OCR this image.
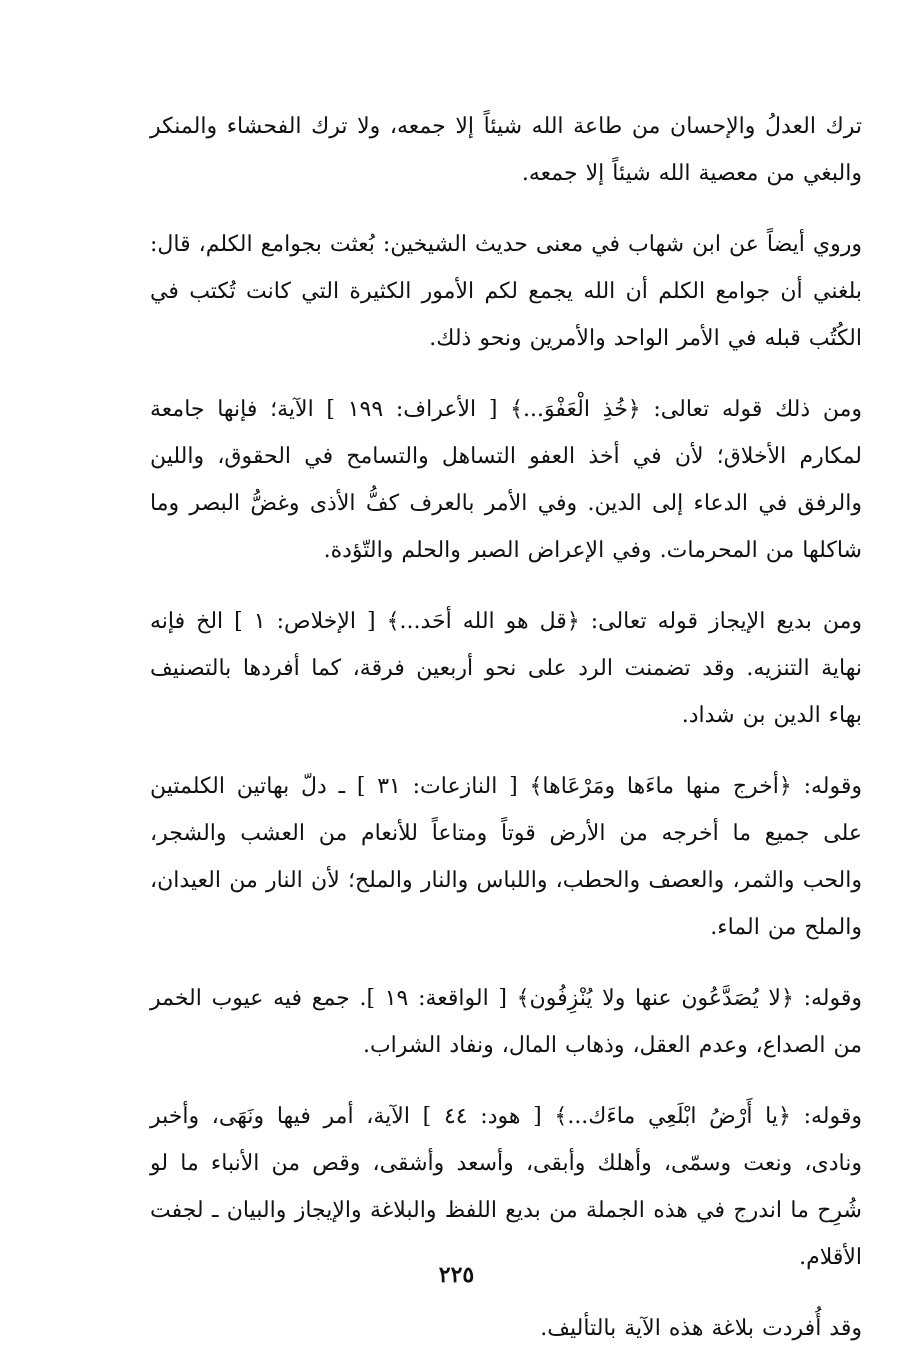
ترك العدلُ والإحسان من طاعة الله شيئاً إلا جمعه، ولا ترك الفحشاء والمنكر والبغي من معصية الله شيئاً إلا جمعه.

وروي أيضاً عن ابن شهاب في معنى حديث الشيخين: بُعثت بجوامع الكلم، قال: بلغني أن جوامع الكلم أن الله يجمع لكم الأمور الكثيرة التي كانت تُكتب في الكُتُب قبله في الأمر الواحد والأمرين ونحو ذلك.

ومن ذلك قوله تعالى: ﴿خُذِ الْعَفْوَ...﴾ [ الأعراف: ١٩٩ ] الآية؛ فإنها جامعة لمكارم الأخلاق؛ لأن في أخذ العفو التساهل والتسامح في الحقوق، واللين والرفق في الدعاء إلى الدين. وفي الأمر بالعرف كفُّ الأذى وغضُّ البصر وما شاكلها من المحرمات. وفي الإعراض الصبر والحلم والتّؤدة.

ومن بديع الإيجاز قوله تعالى: ﴿قل هو الله أحَد...﴾ [ الإخلاص: ١ ] الخ فإنه نهاية التنزيه. وقد تضمنت الرد على نحو أربعين فرقة، كما أفردها بالتصنيف بهاء الدين بن شداد.

وقوله: ﴿أخرج منها ماءَها ومَرْعَاها﴾ [ النازعات: ٣١ ] ـ دلّ بهاتين الكلمتين على جميع ما أخرجه من الأرض قوتاً ومتاعاً للأنعام من العشب والشجر، والحب والثمر، والعصف والحطب، واللباس والنار والملح؛ لأن النار من العيدان، والملح من الماء.

وقوله: ﴿لا يُصَدَّعُون عنها ولا يُنْزِفُون﴾ [ الواقعة: ١٩ ]. جمع فيه عيوب الخمر من الصداع، وعدم العقل، وذهاب المال، ونفاد الشراب.

وقوله: ﴿يا أَرْضُ ابْلَعِي ماءَك...﴾ [ هود: ٤٤ ] الآية، أمر فيها ونَهَى، وأخبر ونادى، ونعت وسمّى، وأهلك وأبقى، وأسعد وأشقى، وقص من الأنباء ما لو شُرِح ما اندرج في هذه الجملة من بديع اللفظ والبلاغة والإيجاز والبيان ـ لجفت الأقلام.

وقد أُفردت بلاغة هذه الآية بالتأليف.

٢٢٥
